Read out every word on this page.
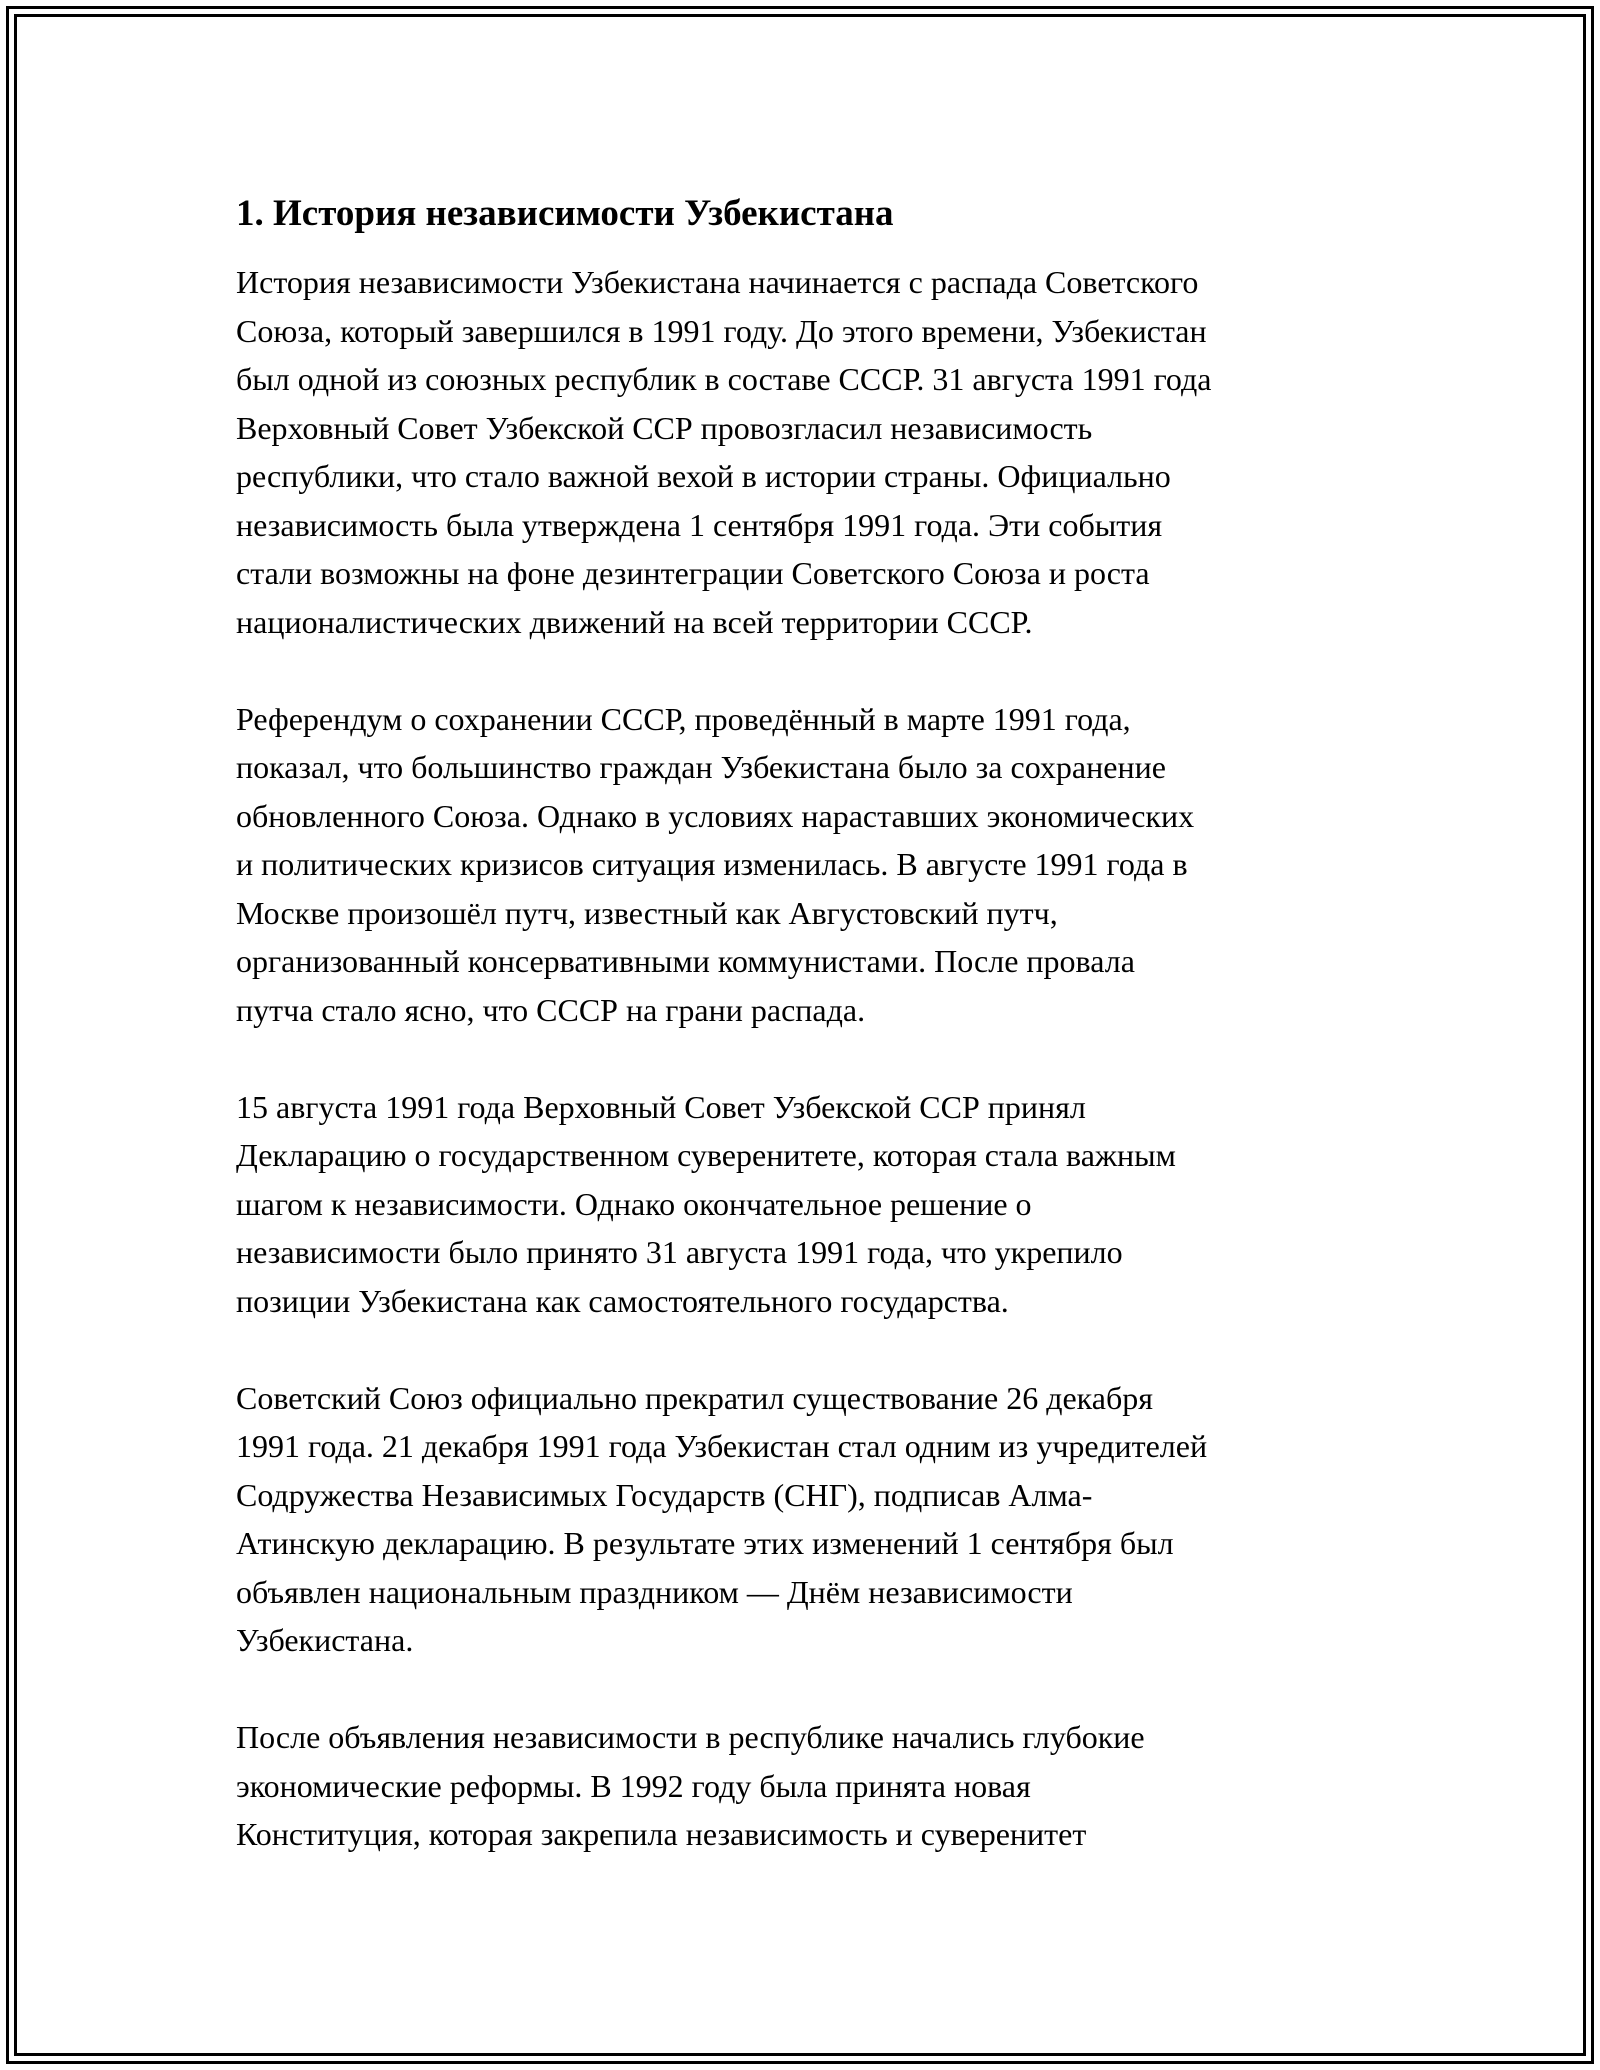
1. История независимости Узбекистана

История независимости Узбекистана начинается с распада Советского
Союза, который завершился в 1991 году. До этого времени, Узбекистан
был одной из союзных республик в составе СССР. 31 августа 1991 года
Верховный Совет Узбекской ССР провозгласил независимость
республики, что стало важной вехой в истории страны. Официально
независимость была утверждена 1 сентября 1991 года. Эти события
стали возможны на фоне дезинтеграции Советского Союза и роста
националистических движений на всей территории СССР.

Референдум о сохранении СССР, проведённый в марте 1991 года,
показал, что большинство граждан Узбекистана было за сохранение
обновленного Союза. Однако в условиях нараставших экономических
и политических кризисов ситуация изменилась. В августе 1991 года в
Москве произошёл путч, известный как Августовский путч,
организованный консервативными коммунистами. После провала
путча стало ясно, что СССР на грани распада.

15 августа 1991 года Верховный Совет Узбекской ССР принял
Декларацию о государственном суверенитете, которая стала важным
шагом к независимости. Однако окончательное решение о
независимости было принято 31 августа 1991 года, что укрепило
позиции Узбекистана как самостоятельного государства.

Советский Союз официально прекратил существование 26 декабря
1991 года. 21 декабря 1991 года Узбекистан стал одним из учредителей
Содружества Независимых Государств (СНГ), подписав Алма-
Атинскую декларацию. В результате этих изменений 1 сентября был
объявлен национальным праздником — Днём независимости
Узбекистана.

После объявления независимости в республике начались глубокие
экономические реформы. В 1992 году была принята новая
Конституция, которая закрепила независимость и суверенитет
